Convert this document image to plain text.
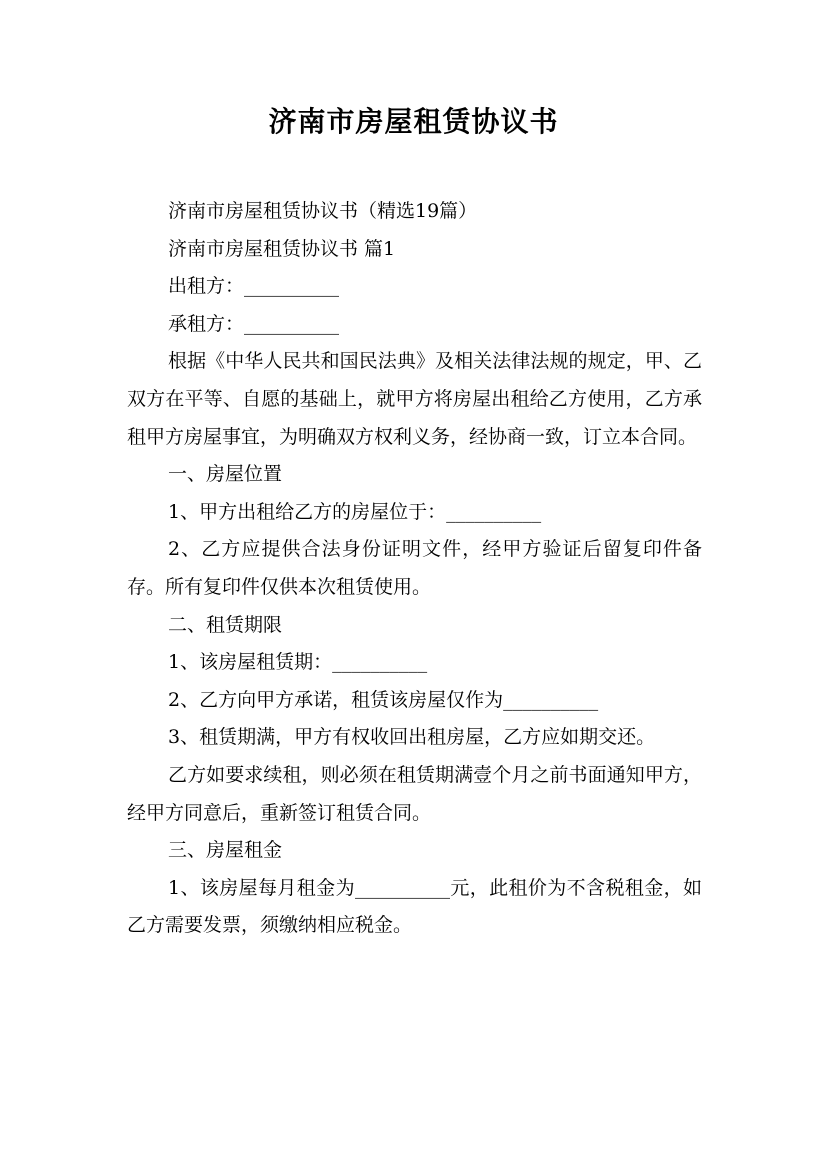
济南市房屋租赁协议书

济南市房屋租赁协议书（精选19篇）

济南市房屋租赁协议书 篇1

出租方：__________

承租方：__________

根据《中华人民共和国民法典》及相关法律法规的规定，甲、乙双方在平等、自愿的基础上，就甲方将房屋出租给乙方使用，乙方承租甲方房屋事宜，为明确双方权利义务，经协商一致，订立本合同。

一、房屋位置

1、甲方出租给乙方的房屋位于：__________

2、乙方应提供合法身份证明文件，经甲方验证后留复印件备存。所有复印件仅供本次租赁使用。

二、租赁期限

1、该房屋租赁期：__________

2、乙方向甲方承诺，租赁该房屋仅作为__________

3、租赁期满，甲方有权收回出租房屋，乙方应如期交还。

乙方如要求续租，则必须在租赁期满壹个月之前书面通知甲方，经甲方同意后，重新签订租赁合同。

三、房屋租金

1、该房屋每月租金为__________元，此租价为不含税租金，如乙方需要发票，须缴纳相应税金。
